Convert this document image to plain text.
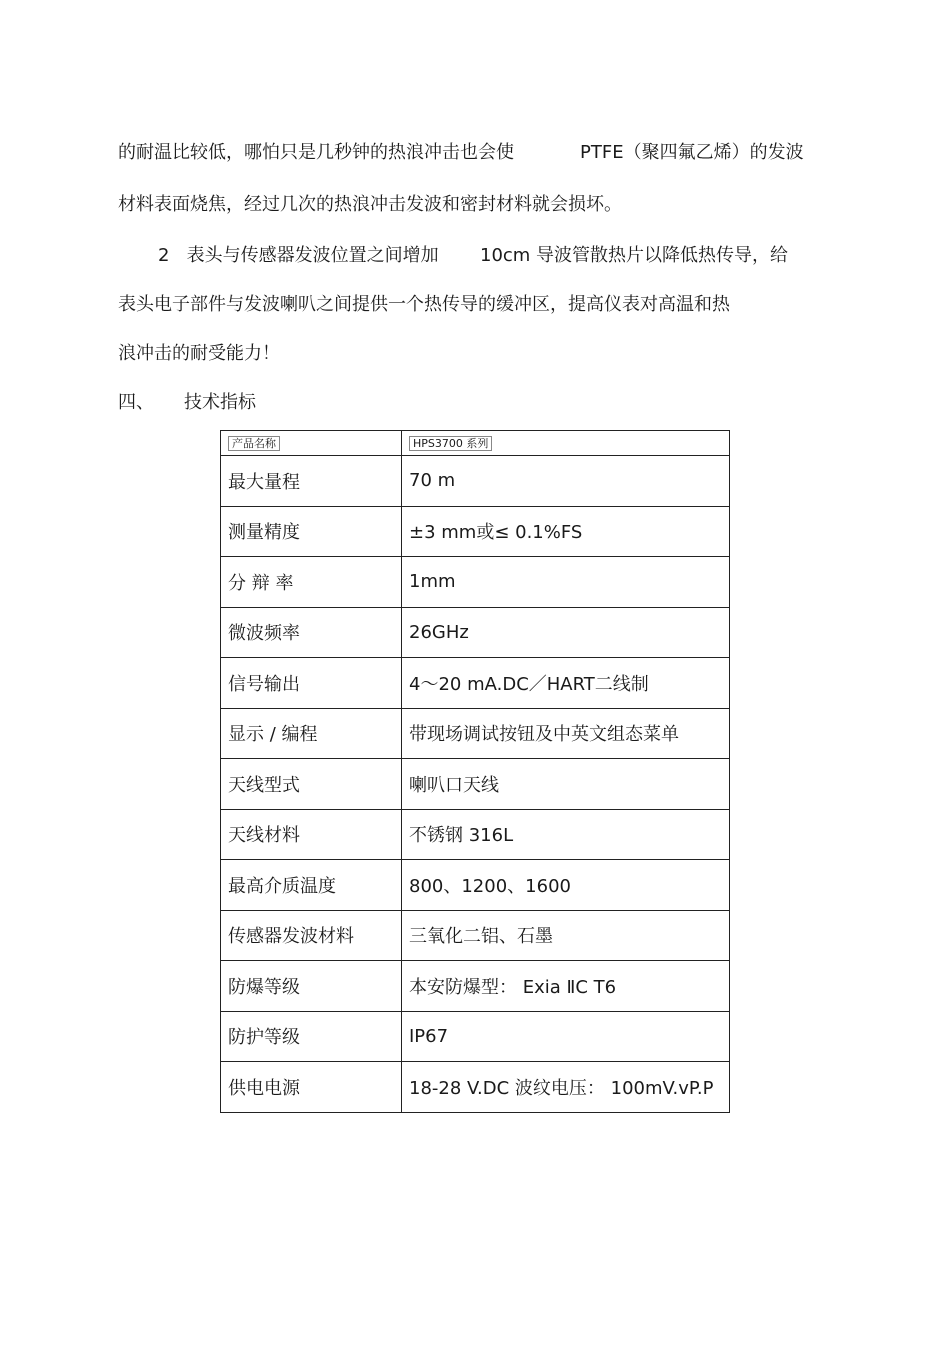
的耐温比较低，哪怕只是几秒钟的热浪冲击也会使	PTFE（聚四氟乙烯）的发波
材料表面烧焦，经过几次的热浪冲击发波和密封材料就会损坏。
2   表头与传感器发波位置之间增加 10cm 导波管散热片以降低热传导，给
表头电子部件与发波喇叭之间提供一个热传导的缓冲区，提高仪表对高温和热
浪冲击的耐受能力！
四、 技术指标
产品名称	HPS3700 系列
最大量程	70 m
测量精度	±3 mm或≤ 0.1%FS
分 辩 率	1mm
微波频率	26GHz
信号输出	4～20 mA.DC／HART二线制
显示 / 编程	带现场调试按钮及中英文组态菜单
天线型式	喇叭口天线
天线材料	不锈钢 316L
最高介质温度	800、1200、1600
传感器发波材料	三氧化二铝、石墨
防爆等级	本安防爆型： Exia ⅡC T6
防护等级	IP67
供电电源	18-28 V.DC 波纹电压： 100mV.vP.P
